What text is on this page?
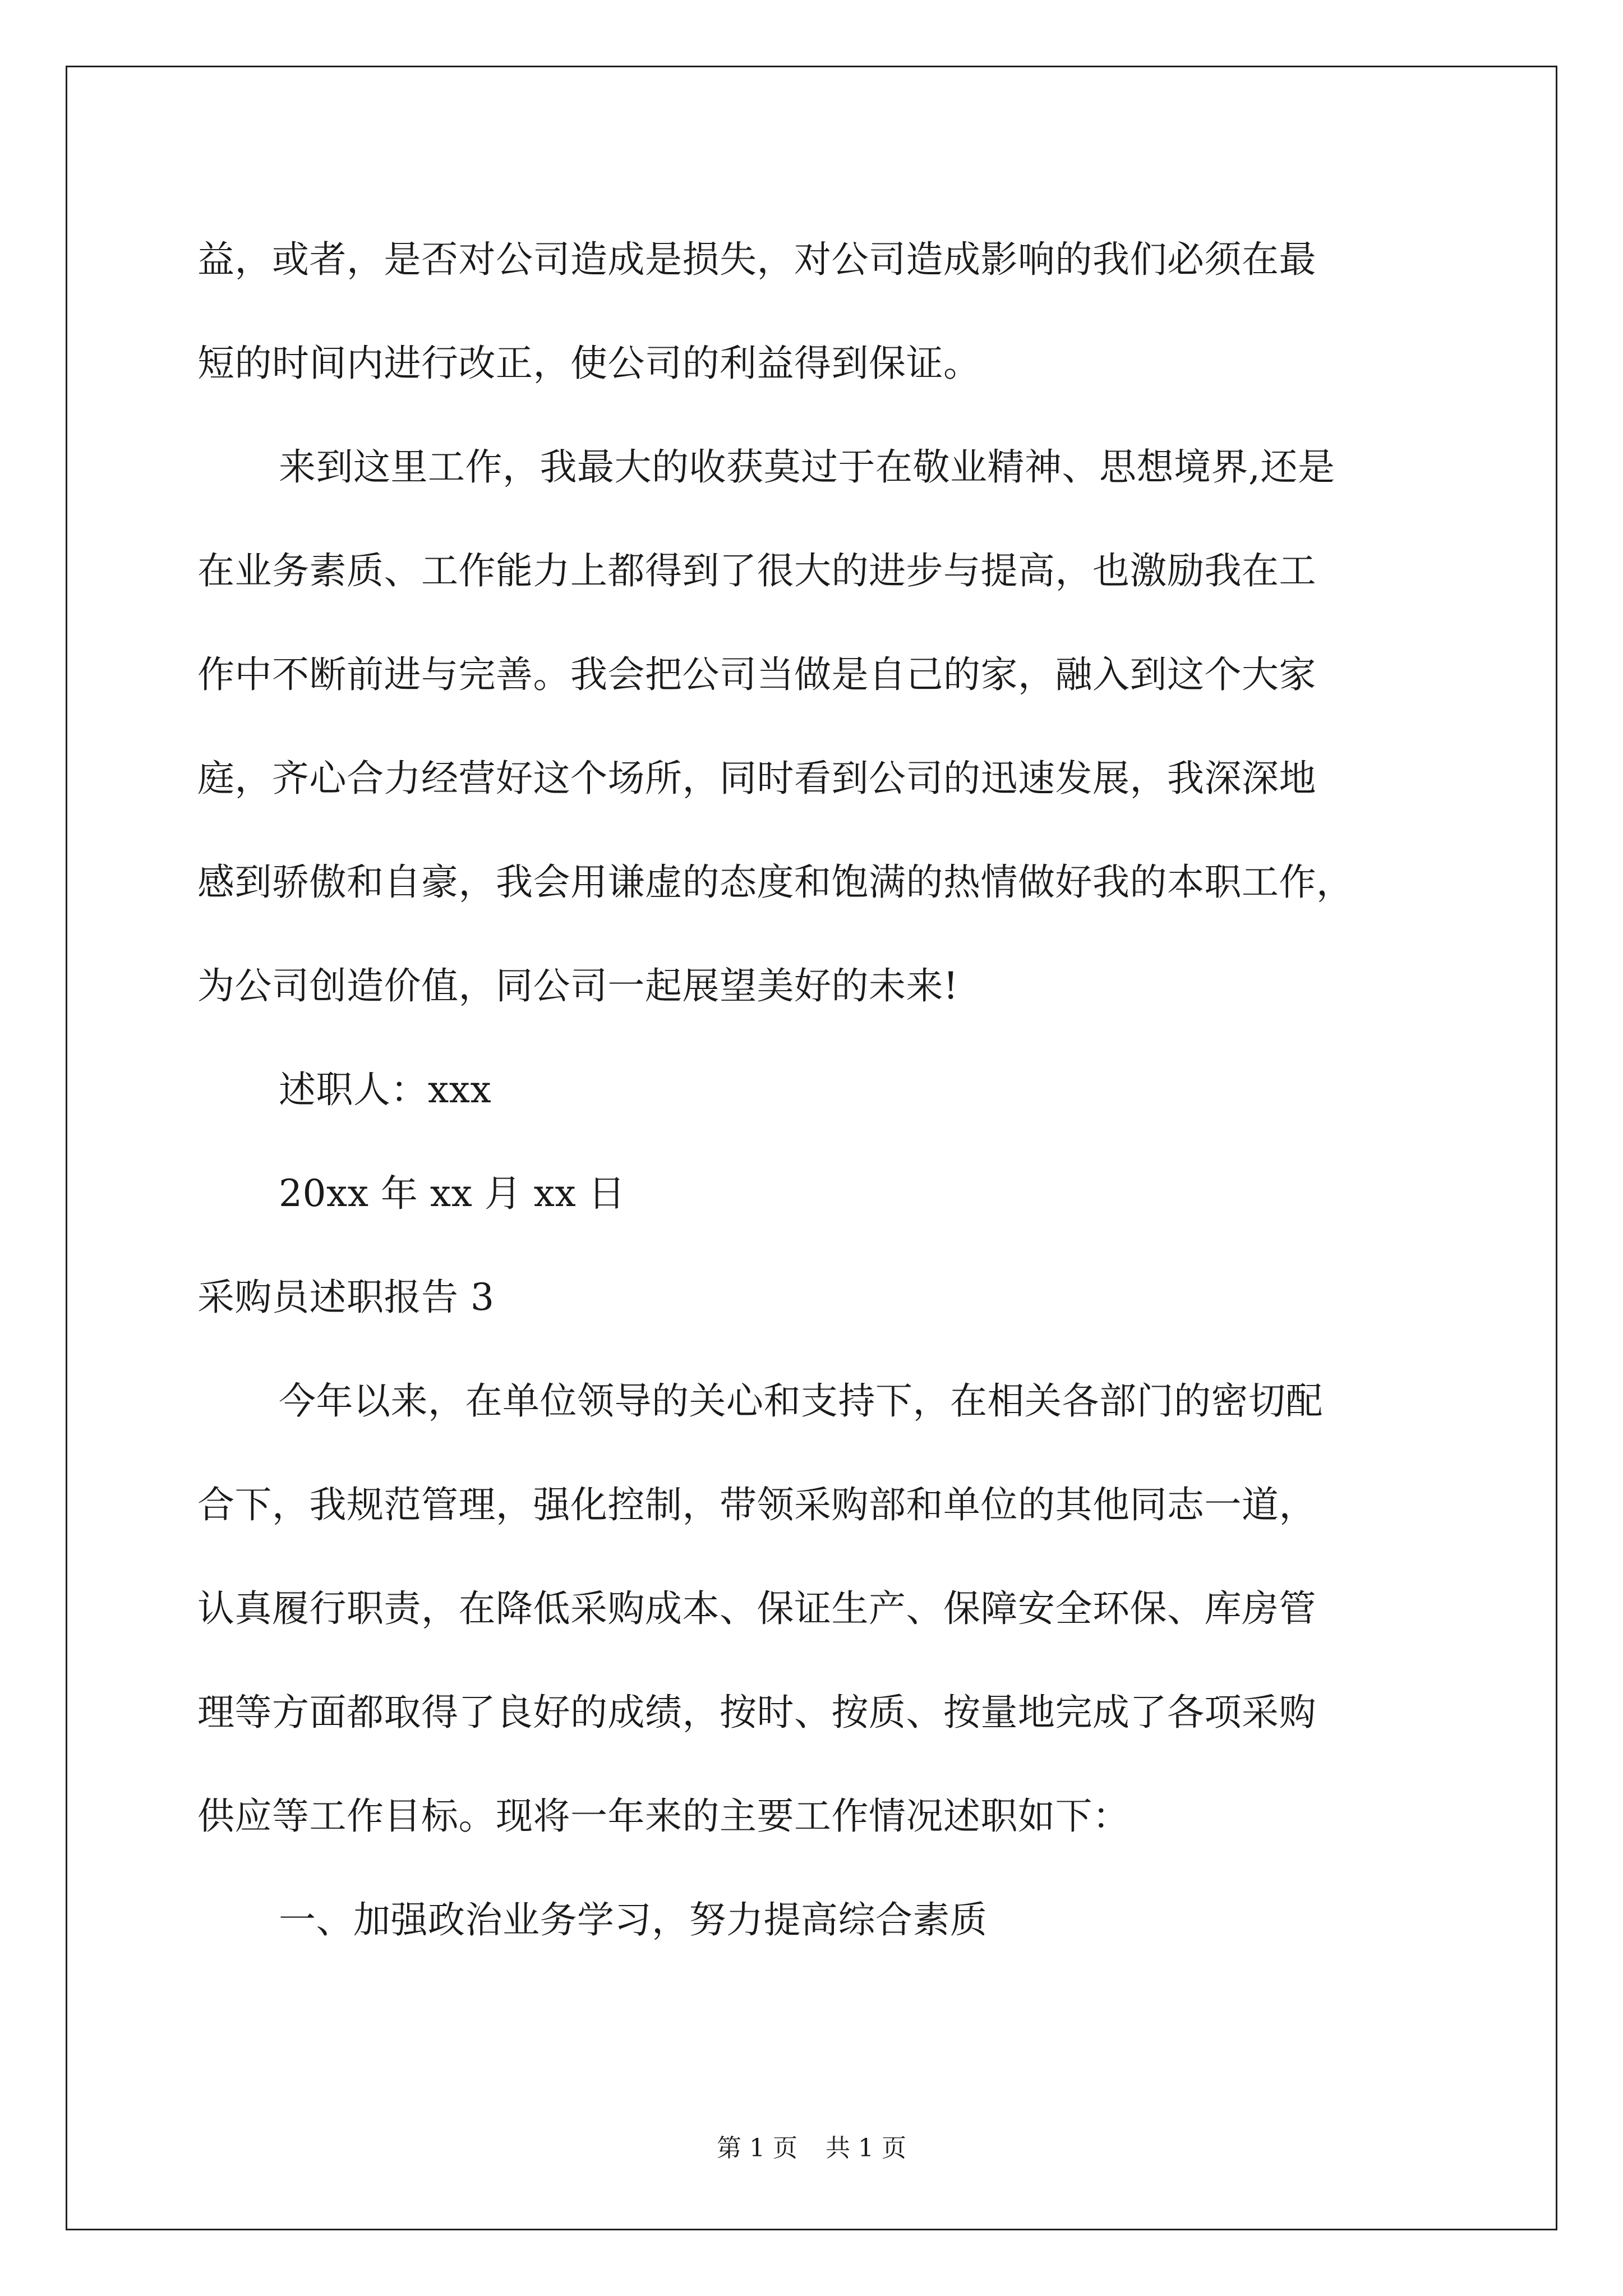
益，或者，是否对公司造成是损失，对公司造成影响的我们必须在最
短的时间内进行改正，使公司的利益得到保证。
来到这里工作，我最大的收获莫过于在敬业精神、思想境界,还是
在业务素质、工作能力上都得到了很大的进步与提高，也激励我在工
作中不断前进与完善。我会把公司当做是自己的家，融入到这个大家
庭，齐心合力经营好这个场所，同时看到公司的迅速发展，我深深地
感到骄傲和自豪，我会用谦虚的态度和饱满的热情做好我的本职工作，
为公司创造价值，同公司一起展望美好的未来!
述职人：xxx
20xx 年 xx 月 xx 日
采购员述职报告 3
今年以来，在单位领导的关心和支持下，在相关各部门的密切配
合下，我规范管理，强化控制，带领采购部和单位的其他同志一道，
认真履行职责，在降低采购成本、保证生产、保障安全环保、库房管
理等方面都取得了良好的成绩，按时、按质、按量地完成了各项采购
供应等工作目标。现将一年来的主要工作情况述职如下：
一、加强政治业务学习，努力提高综合素质
第 1 页 共 1 页
